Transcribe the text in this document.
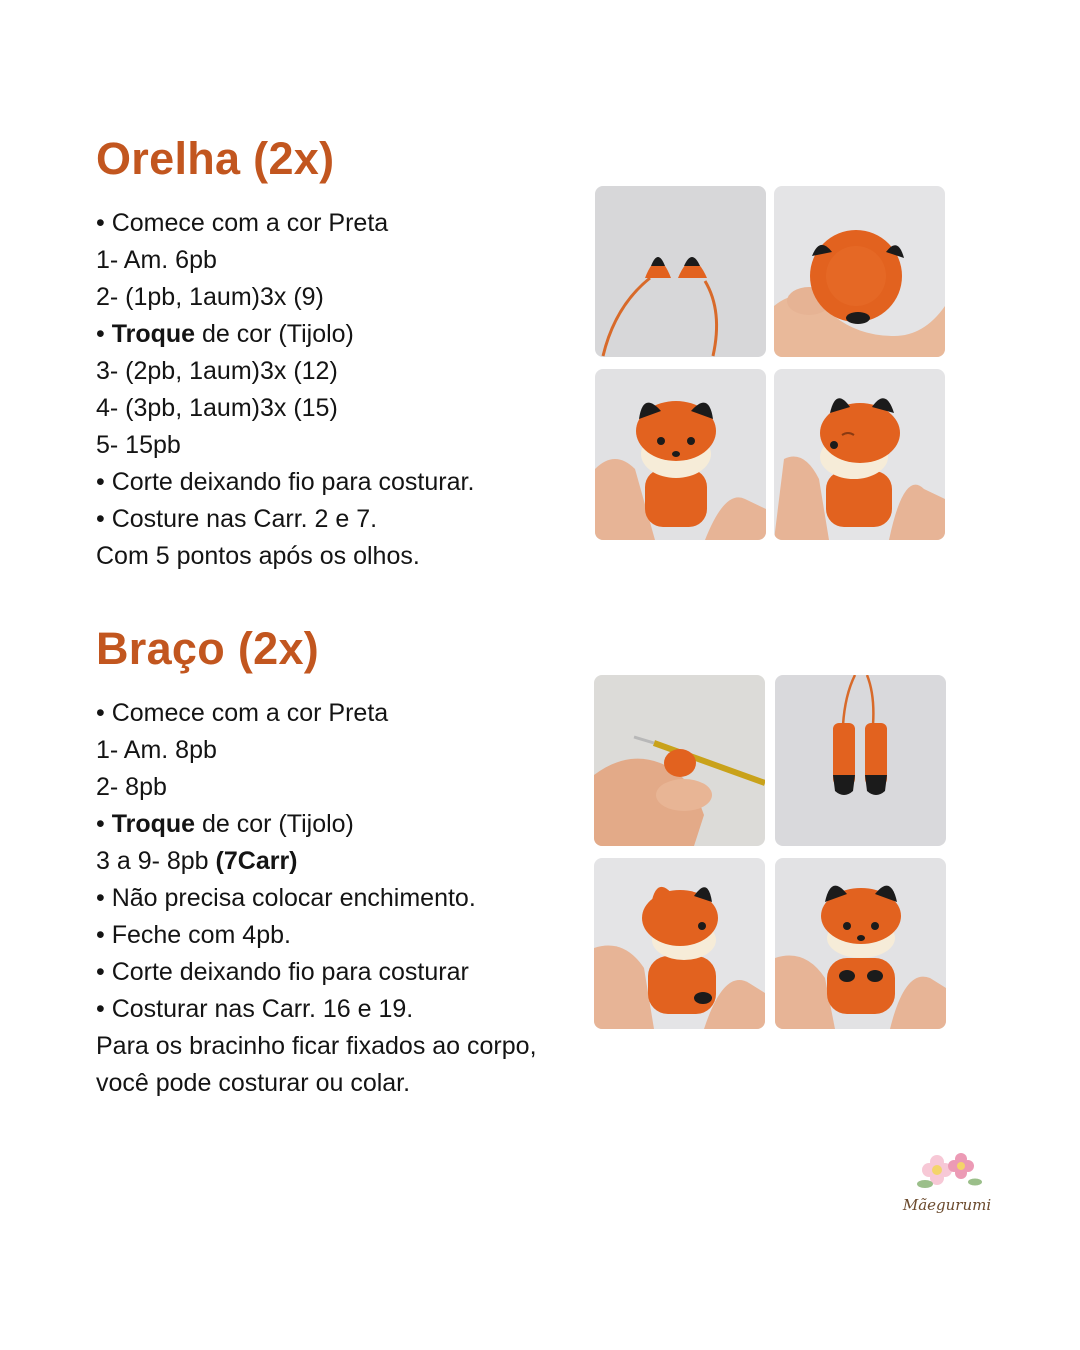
Orelha (2x)
• Comece com a cor Preta
1- Am. 6pb
2- (1pb, 1aum)3x (9)
• Troque de cor (Tijolo)
3- (2pb, 1aum)3x (12)
4- (3pb, 1aum)3x (15)
5- 15pb
• Corte deixando fio para costurar.
• Costure nas Carr. 2 e 7.
Com 5 pontos após os olhos.
Braço (2x)
• Comece com a cor Preta
1- Am. 8pb
2- 8pb
• Troque de cor (Tijolo)
3 a 9- 8pb (7Carr)
• Não precisa colocar enchimento.
• Feche com 4pb.
• Corte deixando fio para costurar
• Costurar nas Carr. 16 e 19.
Para os bracinho ficar fixados ao corpo,
você pode costurar ou colar.
Mãegurumi
